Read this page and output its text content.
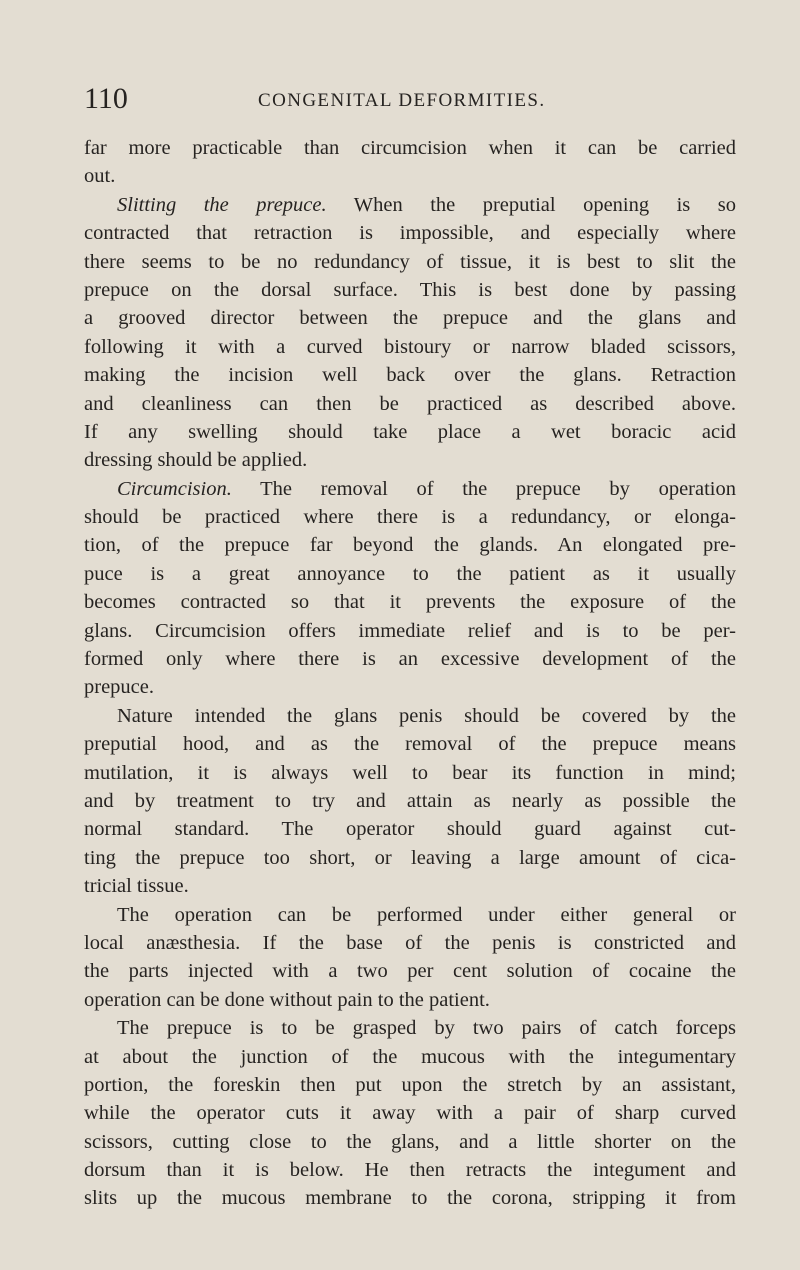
110	CONGENITAL DEFORMITIES.
far more practicable than circumcision when it can be carried
out.
Slitting the prepuce. When the preputial opening is so
contracted that retraction is impossible, and especially where
there seems to be no redundancy of tissue, it is best to slit the
prepuce on the dorsal surface. This is best done by passing
a grooved director between the prepuce and the glans and
following it with a curved bistoury or narrow bladed scissors,
making the incision well back over the glans. Retraction
and cleanliness can then be practiced as described above.
If any swelling should take place a wet boracic acid
dressing should be applied.
Circumcision. The removal of the prepuce by operation
should be practiced where there is a redundancy, or elonga-
tion, of the prepuce far beyond the glands. An elongated pre-
puce is a great annoyance to the patient as it usually
becomes contracted so that it prevents the exposure of the
glans. Circumcision offers immediate relief and is to be per-
formed only where there is an excessive development of the
prepuce.
Nature intended the glans penis should be covered by the
preputial hood, and as the removal of the prepuce means
mutilation, it is always well to bear its function in mind;
and by treatment to try and attain as nearly as possible the
normal standard. The operator should guard against cut-
ting the prepuce too short, or leaving a large amount of cica-
tricial tissue.
The operation can be performed under either general or
local anæsthesia. If the base of the penis is constricted and
the parts injected with a two per cent solution of cocaine the
operation can be done without pain to the patient.
The prepuce is to be grasped by two pairs of catch forceps
at about the junction of the mucous with the integumentary
portion, the foreskin then put upon the stretch by an assistant,
while the operator cuts it away with a pair of sharp curved
scissors, cutting close to the glans, and a little shorter on the
dorsum than it is below. He then retracts the integument and
slits up the mucous membrane to the corona, stripping it from
